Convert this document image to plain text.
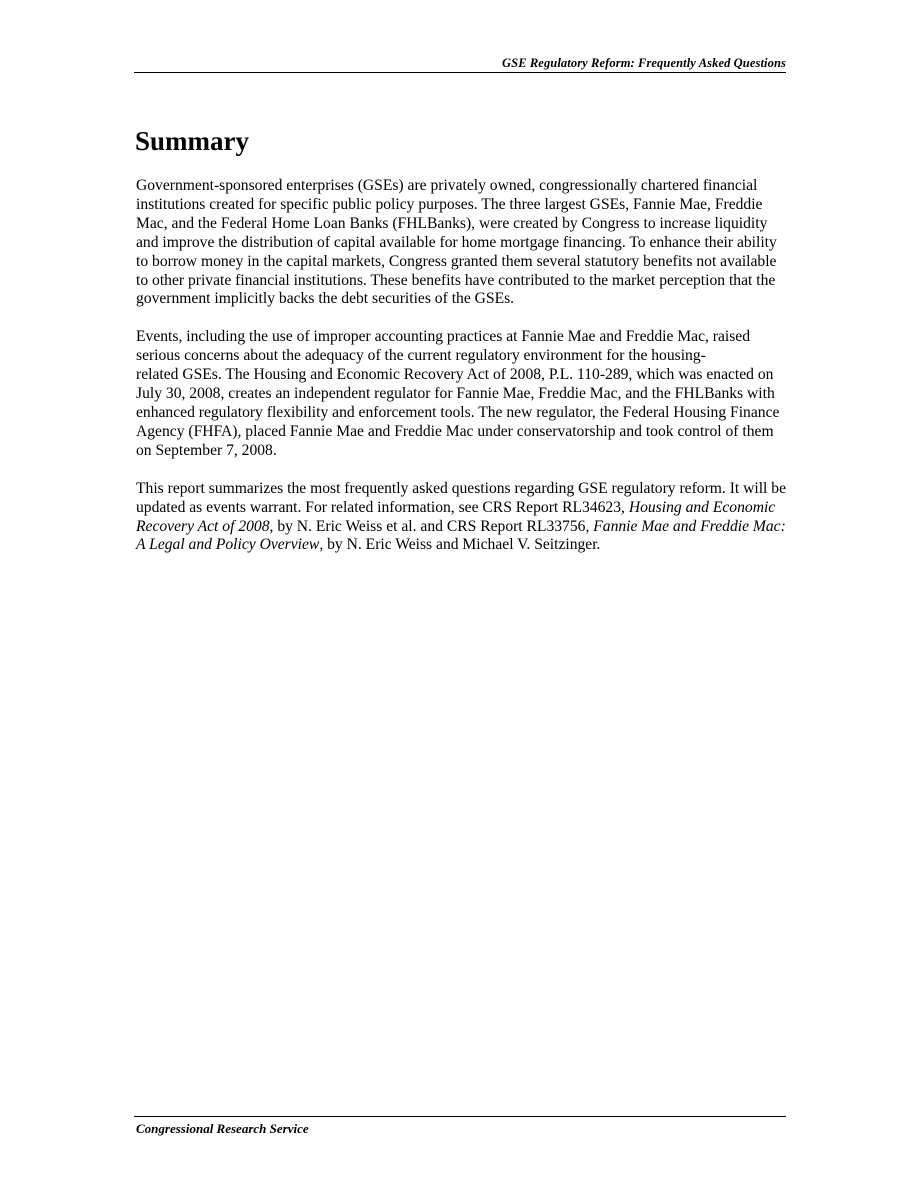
GSE Regulatory Reform: Frequently Asked Questions
Summary

Government-sponsored enterprises (GSEs) are privately owned, congressionally chartered financial institutions created for specific public policy purposes. The three largest GSEs, Fannie Mae, Freddie Mac, and the Federal Home Loan Banks (FHLBanks), were created by Congress to increase liquidity and improve the distribution of capital available for home mortgage financing. To enhance their ability to borrow money in the capital markets, Congress granted them several statutory benefits not available to other private financial institutions. These benefits have contributed to the market perception that the government implicitly backs the debt securities of the GSEs.

Events, including the use of improper accounting practices at Fannie Mae and Freddie Mac, raised serious concerns about the adequacy of the current regulatory environment for the housing-
related GSEs. The Housing and Economic Recovery Act of 2008, P.L. 110-289, which was enacted on July 30, 2008, creates an independent regulator for Fannie Mae, Freddie Mac, and the FHLBanks with enhanced regulatory flexibility and enforcement tools. The new regulator, the Federal Housing Finance Agency (FHFA), placed Fannie Mae and Freddie Mac under conservatorship and took control of them on September 7, 2008.

This report summarizes the most frequently asked questions regarding GSE regulatory reform. It will be updated as events warrant. For related information, see CRS Report RL34623, Housing and Economic Recovery Act of 2008, by N. Eric Weiss et al. and CRS Report RL33756, Fannie Mae and Freddie Mac: A Legal and Policy Overview, by N. Eric Weiss and Michael V. Seitzinger.

Congressional Research Service
